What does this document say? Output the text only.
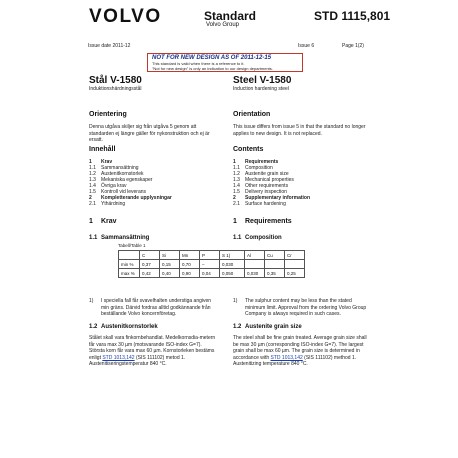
VOLVO	Standard
Volvo Group
STD 1115,801
Issue date 2011-12	Issue 6	Page 1(2)
NOT FOR NEW DESIGN AS OF 2011-12-15
This standard is valid when there is a reference to it.
"Not for new design" is only an indication to our design departments.
Stål V-1580
Induktionshärdningsstål
Orientering
Denna utgåva skiljer sig från utgåva 5 genom att standarden ej längre gäller för nykonstruktion och ej är ersatt.
Innehåll
1	Krav
1.1	Sammansättning
1.2	Austenitkornstorlek
1.3	Mekaniska egenskaper
1.4	Övriga krav
1.5	Kontroll vid leverans
2	Kompletterande upplysningar
2.1	Ythärdning
1 Krav
1.1 Sammansättning
Tabell/Table 1
	C	Si	Mn	P	S 1)	Al	Cu	Cr
min %	0,37	0,15	0,70	–	0,030			
max %	0,42	0,40	0,90	0,04	0,050	0,030	0,35	0,25
1)	I speciella fall får svavelhalten understiga angiven min gräns. Därvid fordras alltid godkännande från beställande Volvo koncernföretag.
1.2 Austenitkornstorlek
Stålet skall vara finkornbehandlat. Medelkornsdia-metern får vara max 30 µm (motsvarande ISO-index G=7). Största korn får vara max 60 µm. Kornstorleken bestäms enligt STD 1013,142 (SIS 111102) metod 1. Austenitiseringstemperatur 840 °C.
Steel V-1580
Induction hardening steel
Orientation
This issue differs from issue 5 in that the standard no longer applies to new design. It is not replaced.
Contents
1	Requirements
1.1	Composition
1.2	Austenite grain size
1.3	Mechanical properties
1.4	Other requirements
1.5	Delivery inspection
2	Supplementary information
2.1	Surface hardening
1 Requirements
1.1 Composition
1)	The sulphur content may be less than the stated minimum limit. Approval from the ordering Volvo Group Company is always required in such cases.
1.2 Austenite grain size
The steel shall be fine grain treated. Average grain size shall be max 30 µm (corresponding ISO-index G=7). The largest grain shall be max 60 µm. The grain size is determined in accordance with STD 1013,142 (SIS 111102) method 1. Austenitizing temperature 840 °C.
